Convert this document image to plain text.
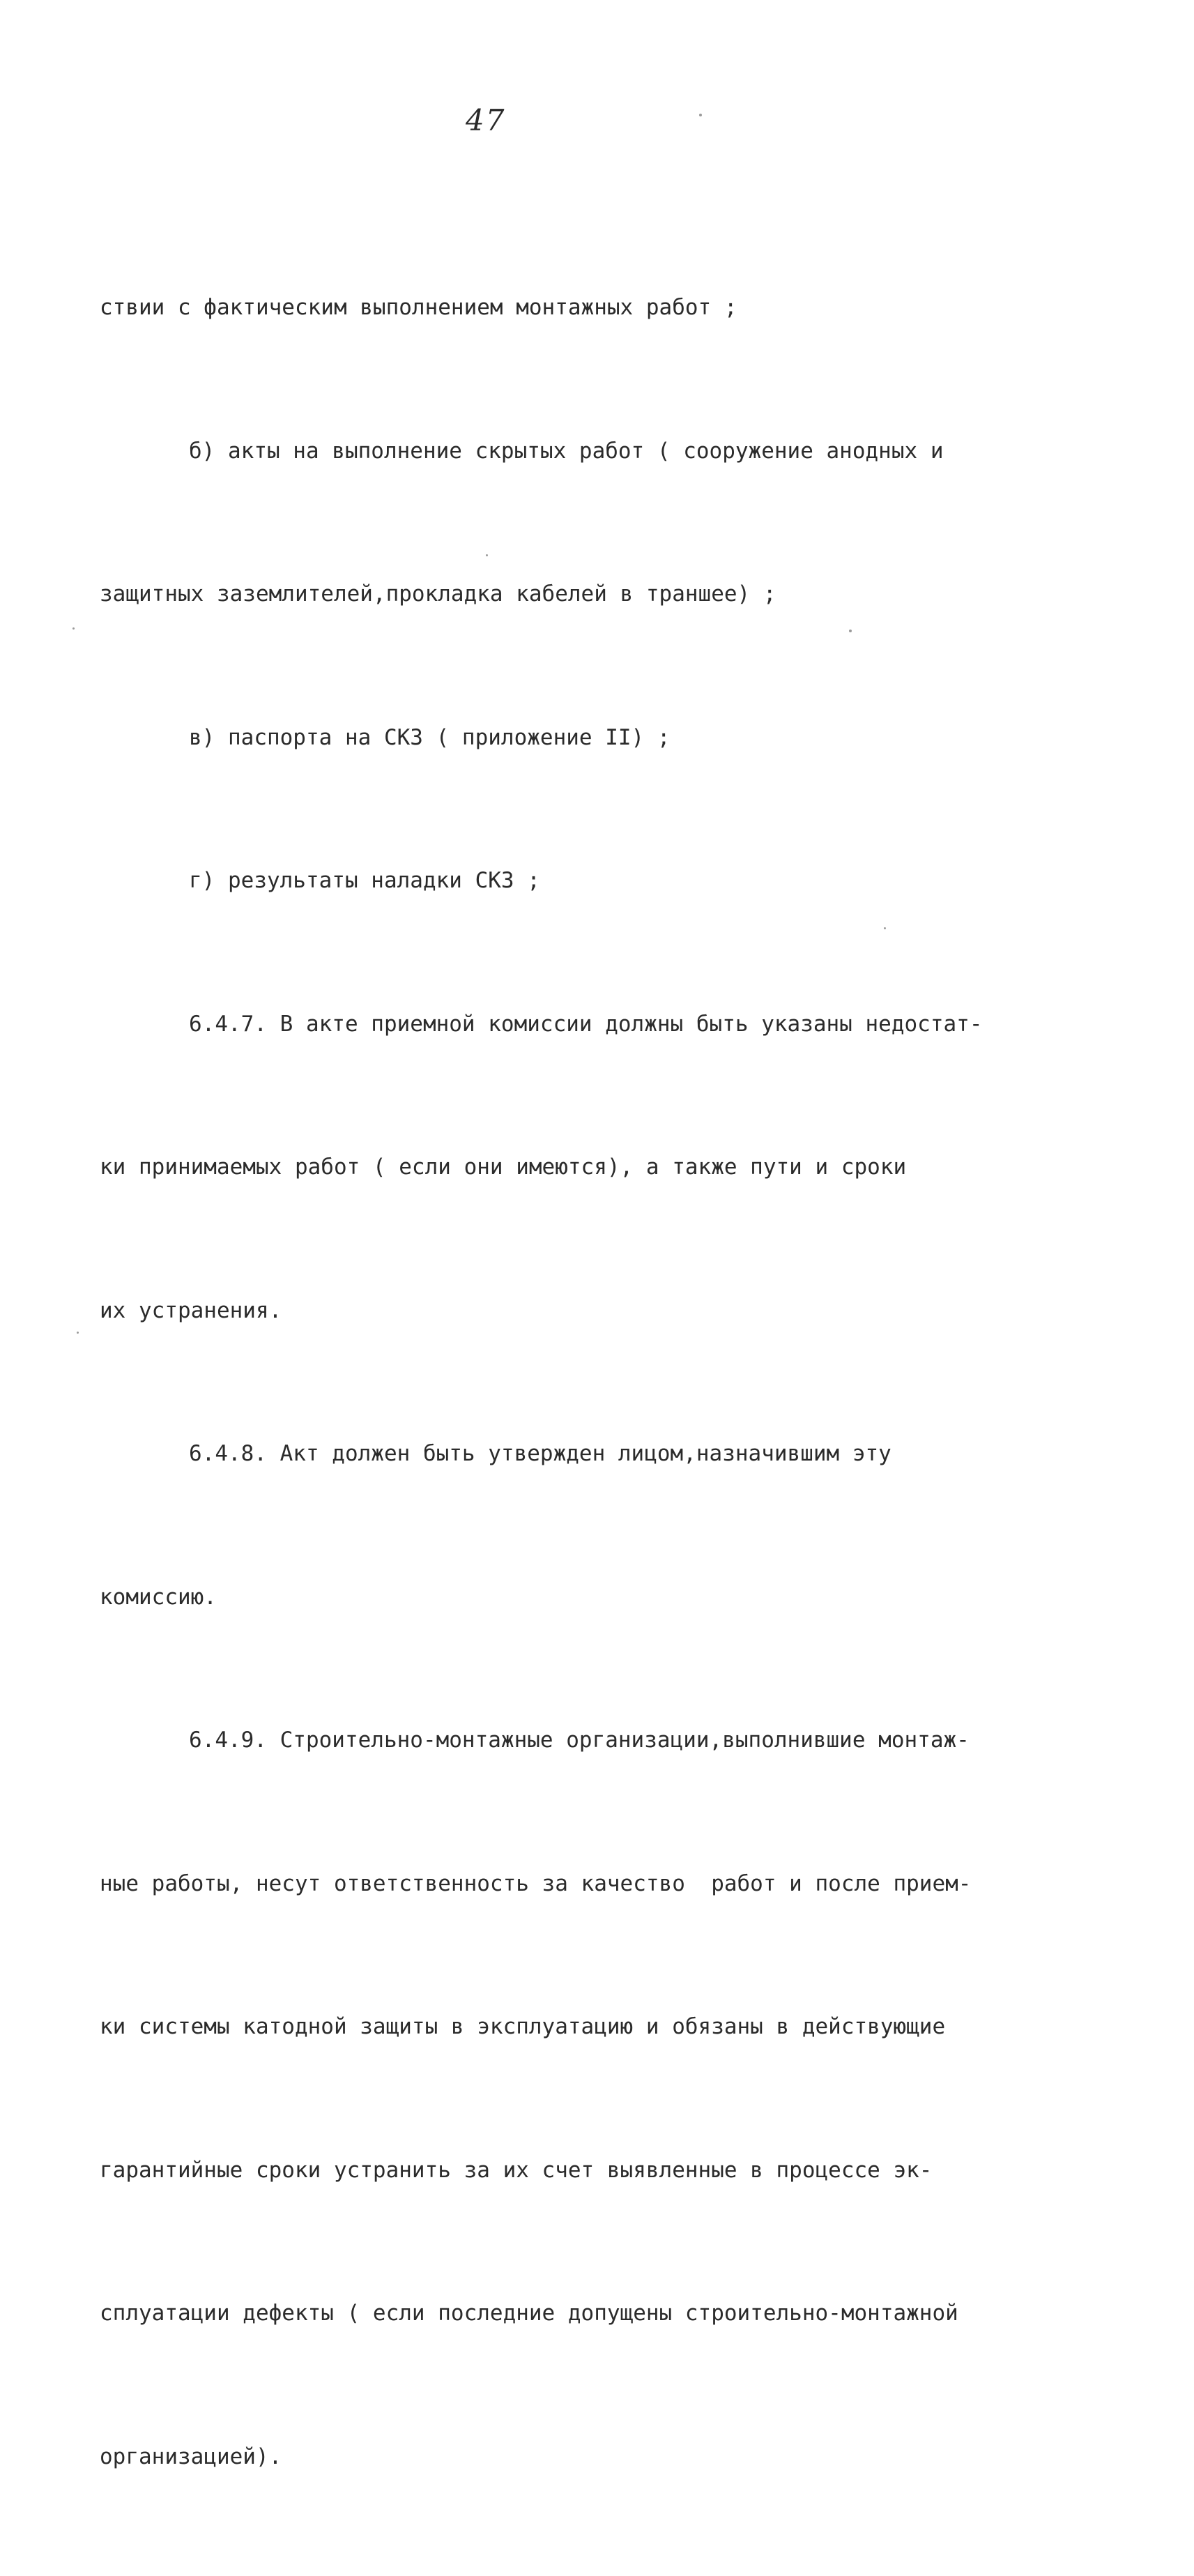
47

ствии с фактическим выполнением монтажных работ ;

б) акты на выполнение скрытых работ ( сооружение анодных и

защитных заземлителей,прокладка кабелей в траншее) ;

в) паспорта на СКЗ ( приложение II) ;

г) результаты наладки СКЗ ;

6.4.7. В акте приемной комиссии должны быть указаны недостат-

ки принимаемых работ ( если они имеются), а также пути и сроки

их устранения.

6.4.8. Акт должен быть утвержден лицом,назначившим эту

комиссию.

6.4.9. Строительно-монтажные организации,выполнившие монтаж-

ные работы, несут ответственность за качество  работ и после прием-

ки системы катодной защиты в эксплуатацию и обязаны в действующие

гарантийные сроки устранить за их счет выявленные в процессе эк-

сплуатации дефекты ( если последние допущены строительно-монтажной

организацией).
